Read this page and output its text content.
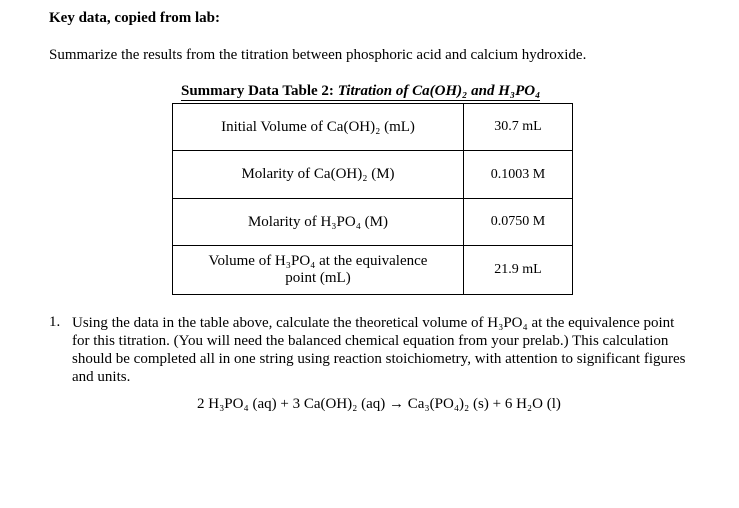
Key data, copied from lab:
Summarize the results from the titration between phosphoric acid and calcium hydroxide.
Summary Data Table 2: Titration of Ca(OH)₂ and H₃PO₄
Initial Volume of Ca(OH)₂ (mL)	30.7 mL
Molarity of Ca(OH)₂ (M)	0.1003 M
Molarity of H₃PO₄ (M)	0.0750 M
Volume of H₃PO₄ at the equivalence point (mL)	21.9 mL
1. Using the data in the table above, calculate the theoretical volume of H₃PO₄ at the equivalence point for this titration. (You will need the balanced chemical equation from your prelab.) This calculation should be completed all in one string using reaction stoichiometry, with attention to significant figures and units.
2 H₃PO₄ (aq) + 3 Ca(OH)₂ (aq) → Ca₃(PO₄)₂ (s) + 6 H₂O (l)
